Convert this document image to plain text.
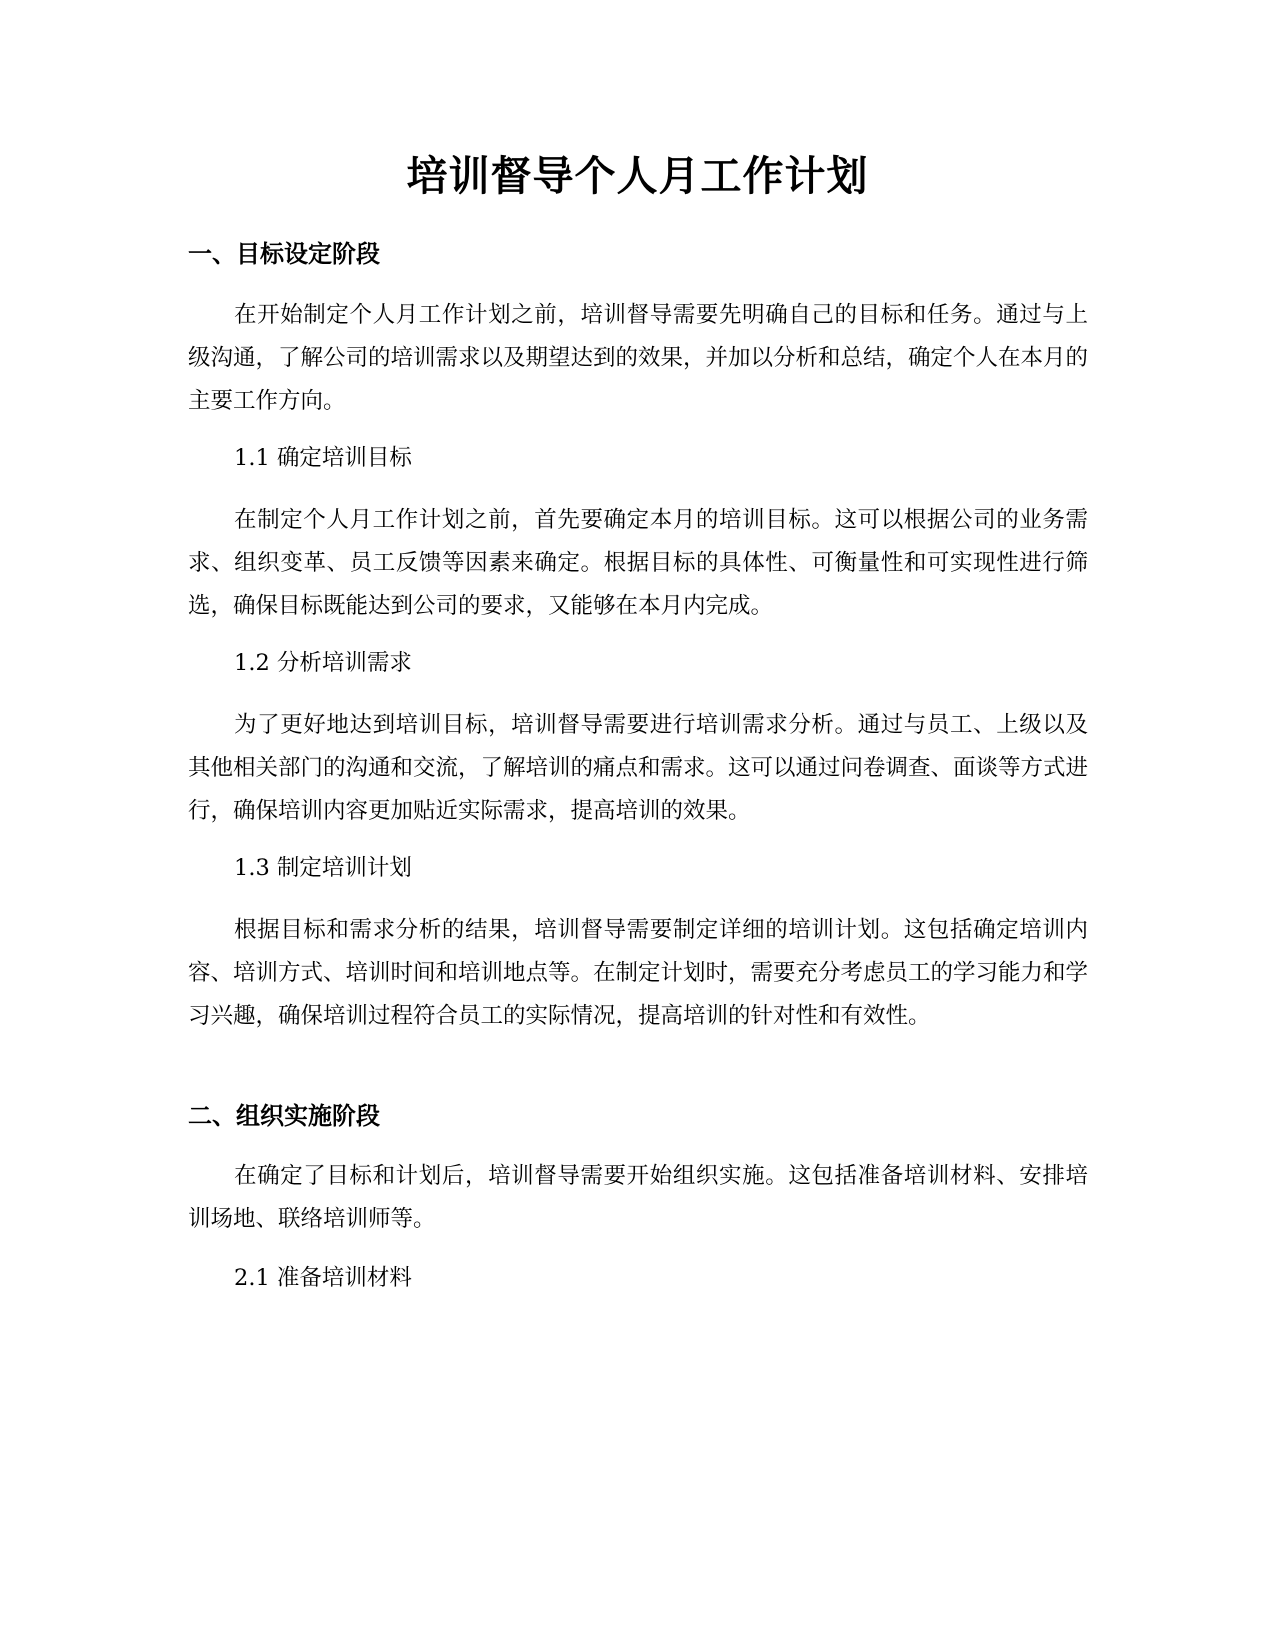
培训督导个人月工作计划
一、目标设定阶段

在开始制定个人月工作计划之前，培训督导需要先明确自己的目标和任务。通过与上级沟通，了解公司的培训需求以及期望达到的效果，并加以分析和总结，确定个人在本月的主要工作方向。

1.1 确定培训目标

在制定个人月工作计划之前，首先要确定本月的培训目标。这可以根据公司的业务需求、组织变革、员工反馈等因素来确定。根据目标的具体性、可衡量性和可实现性进行筛选，确保目标既能达到公司的要求，又能够在本月内完成。

1.2 分析培训需求

为了更好地达到培训目标，培训督导需要进行培训需求分析。通过与员工、上级以及其他相关部门的沟通和交流，了解培训的痛点和需求。这可以通过问卷调查、面谈等方式进行，确保培训内容更加贴近实际需求，提高培训的效果。

1.3 制定培训计划

根据目标和需求分析的结果，培训督导需要制定详细的培训计划。这包括确定培训内容、培训方式、培训时间和培训地点等。在制定计划时，需要充分考虑员工的学习能力和学习兴趣，确保培训过程符合员工的实际情况，提高培训的针对性和有效性。

二、组织实施阶段

在确定了目标和计划后，培训督导需要开始组织实施。这包括准备培训材料、安排培训场地、联络培训师等。

2.1 准备培训材料
